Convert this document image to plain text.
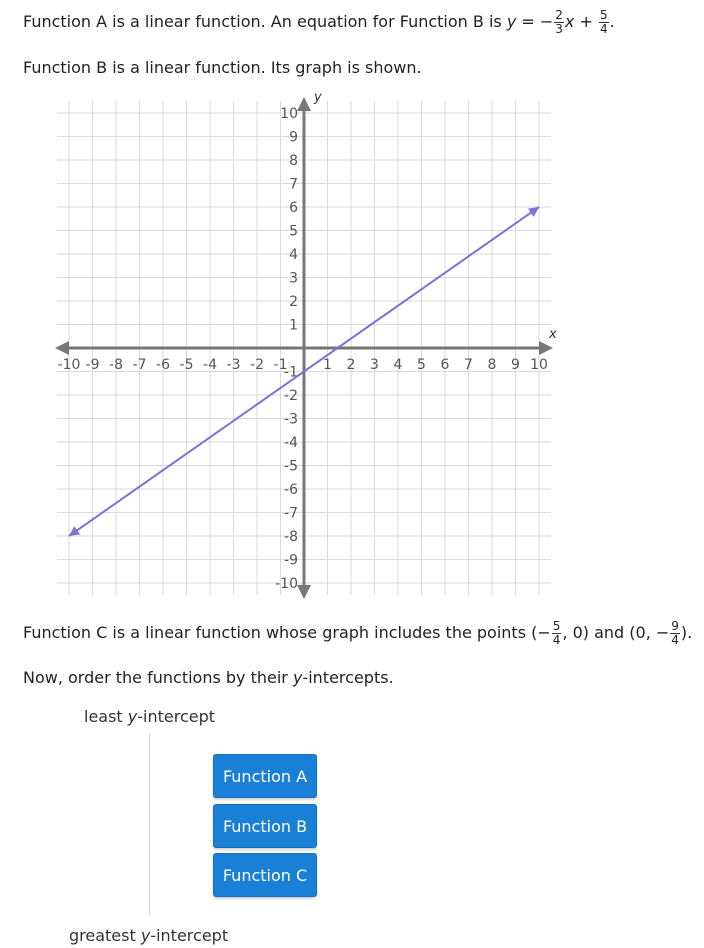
Function A is a linear function. An equation for Function B is y = − $\frac{2}{3}$ $x + \frac{5}{4}$ .
Function B is a linear function. Its graph is shown.
x
y
-10 -9 -8 -7 -6 -5 -4 -3 -2 -1	1 2 3 4 5 6 7 8 9 10
10
9
8
7
6
5
4
3
2
1
-1
-2
-3
-4
-5
-6
-7
-8
-9
-10
Function C is a linear function whose graph includes the points (− $\frac{5}{4}$ , 0) and (0, − $\frac{9}{4}$ ).
Now, order the functions by their y-intercepts.
least y-intercept
Function A
Function B
Function C
greatest y-intercept
